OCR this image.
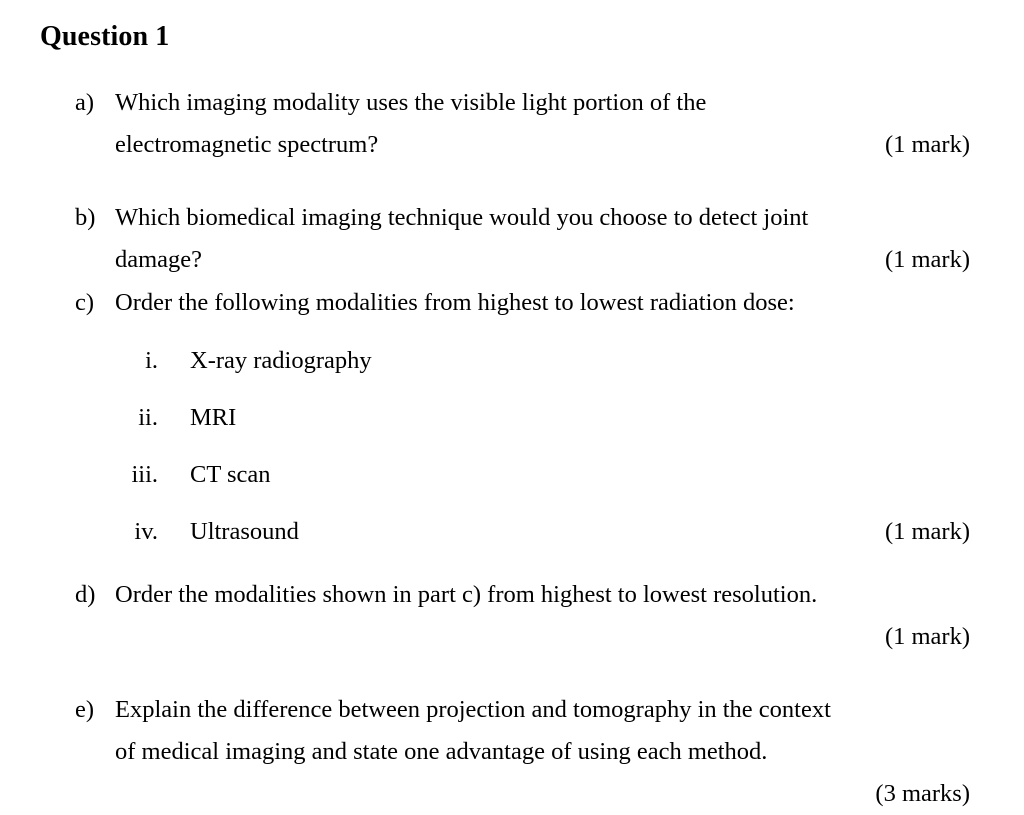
Question 1
a) Which imaging modality uses the visible light portion of the
electromagnetic spectrum?	(1 mark)
b) Which biomedical imaging technique would you choose to detect joint
damage?	(1 mark)
c) Order the following modalities from highest to lowest radiation dose:
i. X-ray radiography
ii. MRI
iii. CT scan
iv. Ultrasound	(1 mark)
d) Order the modalities shown in part c) from highest to lowest resolution.
(1 mark)
e) Explain the difference between projection and tomography in the context
of medical imaging and state one advantage of using each method.
(3 marks)
